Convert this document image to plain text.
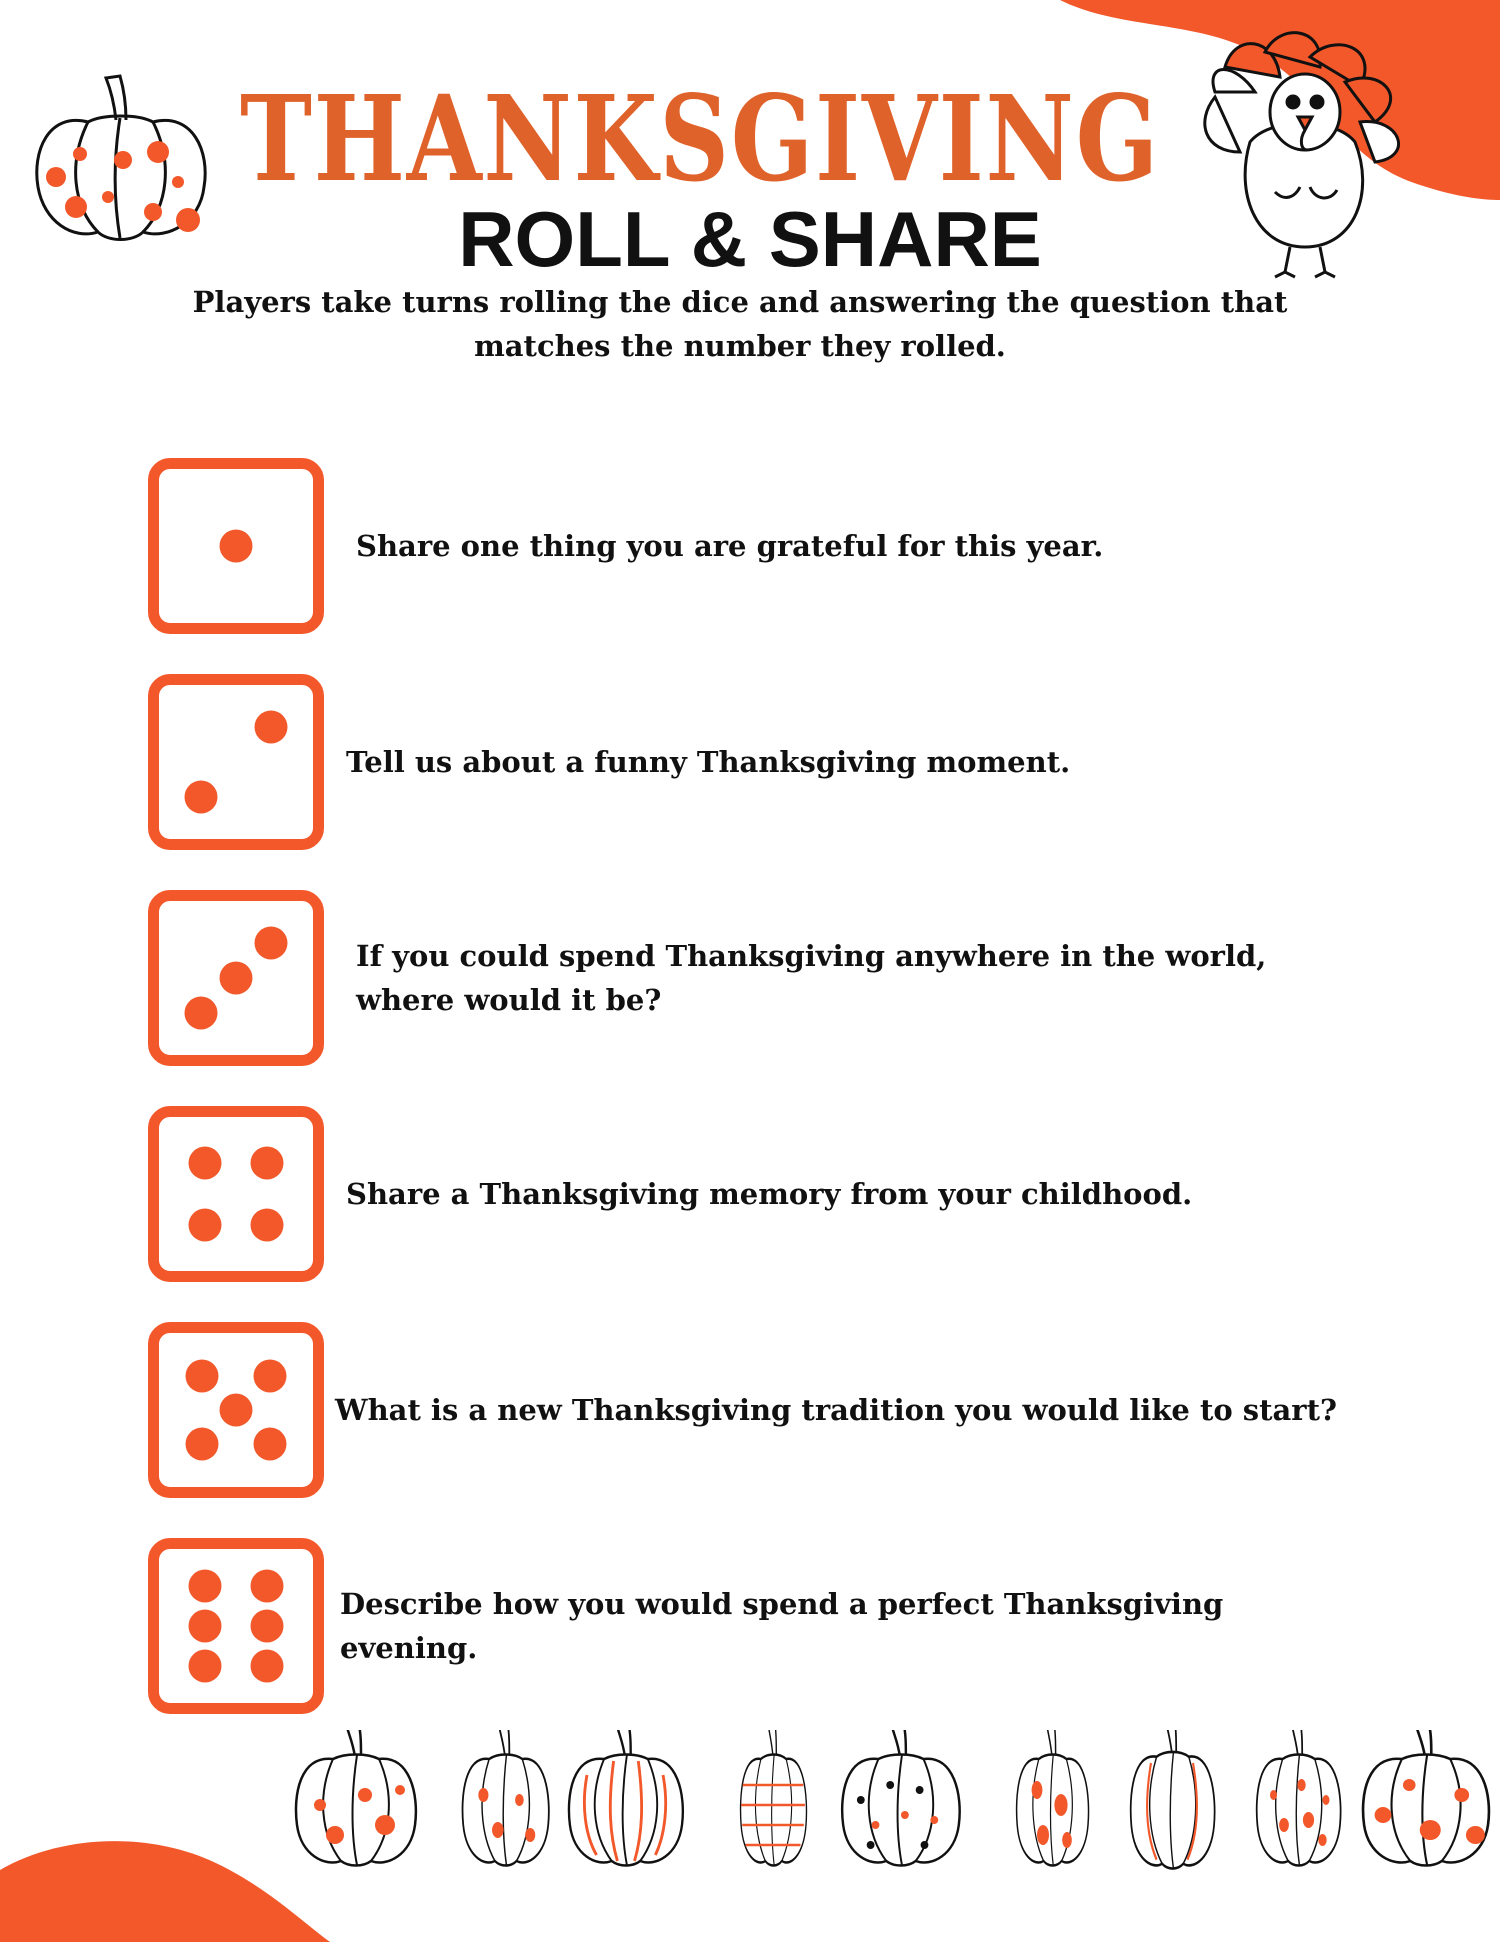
THANKSGIVING
ROLL & SHARE
Players take turns rolling the dice and answering the question that matches the number they rolled.
Share one thing you are grateful for this year.
Tell us about a funny Thanksgiving moment.
If you could spend Thanksgiving anywhere in the world, where would it be?
Share a Thanksgiving memory from your childhood.
What is a new Thanksgiving tradition you would like to start?
Describe how you would spend a perfect Thanksgiving evening.
